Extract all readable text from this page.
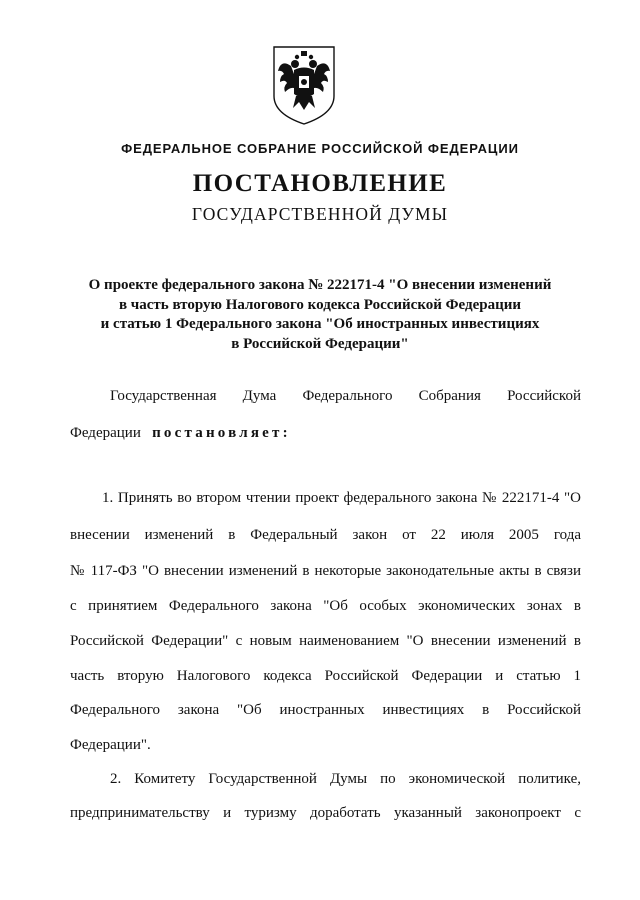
ФЕДЕРАЛЬНОЕ СОБРАНИЕ РОССИЙСКОЙ ФЕДЕРАЦИИ
ПОСТАНОВЛЕНИЕ
ГОСУДАРСТВЕННОЙ ДУМЫ
О проекте федерального закона № 222171-4 "О внесении изменений
в часть вторую Налогового кодекса Российской Федерации
и статью 1 Федерального закона "Об иностранных инвестициях
в Российской Федерации"
Государственная Дума Федерального Собрания Российской
Федерации постановляет:
1. Принять во втором чтении проект федерального закона № 222171-4 "О
внесении изменений в Федеральный закон от 22 июля 2005 года
№ 117-ФЗ "О внесении изменений в некоторые законодательные акты в связи
с принятием Федерального закона "Об особых экономических зонах в
Российской Федерации" с новым наименованием "О внесении изменений в
часть вторую Налогового кодекса Российской Федерации и статью 1
Федерального закона "Об иностранных инвестициях в Российской
Федерации".
2. Комитету Государственной Думы по экономической политике,
предпринимательству и туризму доработать указанный законопроект с
